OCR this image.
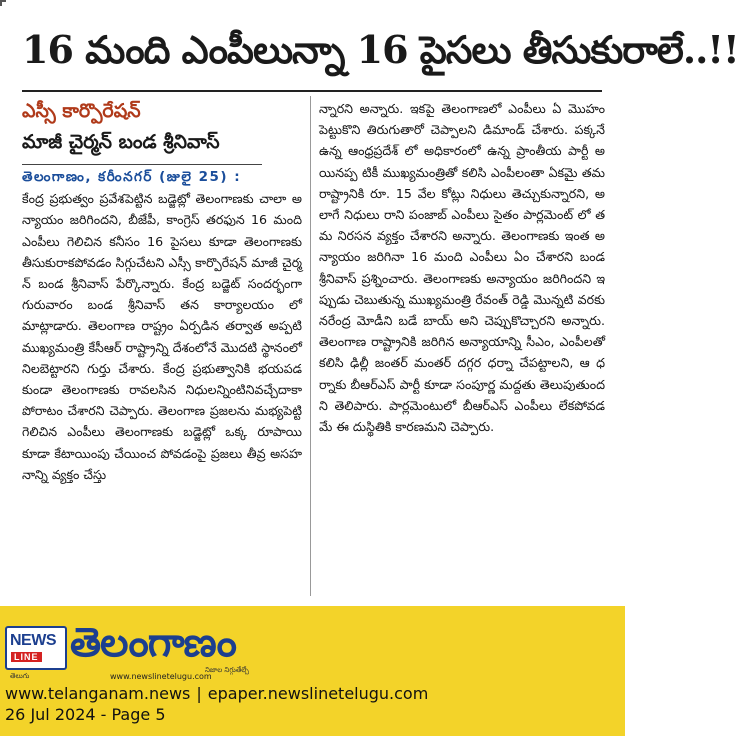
16 మంది ఎంపీలున్నా 16 పైసలు తీసుకురాలే..!!
ఎస్సీ కార్పొరేషన్
మాజీ చైర్మన్ బండ శ్రీనివాస్
తెలంగాణం, కరీంనగర్ (జులై 25) :
కేంద్ర ప్రభుత్వం ప్రవేశపెట్టిన బడ్జెట్లో తెలంగాణకు చాలా అన్యాయం జరిగిందని, బీజేపీ, కాంగ్రెస్ తరఫున 16 మంది ఎంపీలు గెలిచిన కనీసం 16 పైసలు కూడా తెలంగాణకు తీసుకురాకపోవడం సిగ్గుచేటని ఎస్సీ కార్పొరేషన్ మాజీ చైర్మన్ బండ శ్రీనివాస్ పేర్కొన్నారు. కేంద్ర బడ్జెట్ సందర్భంగా గురువారం బండ శ్రీనివాస్ తన కార్యాలయం లో మాట్లాడారు. తెలంగాణ రాష్ట్రం ఏర్పడిన తర్వాత అప్పటి ముఖ్యమంత్రి కేసీఆర్ రాష్ట్రాన్ని దేశంలోనే మొదటి స్థానంలో నిలబెట్టారని గుర్తు చేశారు. కేంద్ర ప్రభుత్వానికి భయపడకుండా తెలంగాణకు రావలసిన నిధులన్నింటినివచ్చేదాకా పోరాటం చేశారని చెప్పారు. తెలంగాణ ప్రజలను మభ్యపెట్టి గెలిచిన ఎంపీలు తెలంగాణకు బడ్జెట్లో ఒక్క రూపాయి కూడా కేటాయింపు చేయించ పోవడంపై ప్రజలు తీవ్ర అసహనాన్ని వ్యక్తం చేస్తు
న్నారని అన్నారు. ఇకపై తెలంగాణలో ఎంపీలు ఏ మొహం పెట్టుకొని తిరుగుతారో చెప్పాలని డిమాండ్ చేశారు. పక్కనే ఉన్న ఆంధ్రప్రదేశ్ లో అధికారంలో ఉన్న ప్రాంతీయ పార్టీ అయినప్ప టికీ ముఖ్యమంత్రితో కలిసి ఎంపీలంతా ఏకమై తమ రాష్ట్రానికి రూ. 15 వేల కోట్లు నిధులు తెచ్చుకున్నారని, అలాగే నిధులు రాని పంజాబ్ ఎంపీలు సైతం పార్లమెంట్ లో తమ నిరసన వ్యక్తం చేశారని అన్నారు. తెలంగాణకు ఇంత అన్యాయం జరిగినా 16 మంది ఎంపీలు ఏం చేశారని బండ శ్రీనివాస్ ప్రశ్నించారు. తెలంగాణకు అన్యాయం జరిగిందని ఇప్పుడు చెబుతున్న ముఖ్యమంత్రి రేవంత్ రెడ్డి మొన్నటి వరకు నరేంద్ర మోడీని బడే బాయ్ అని చెప్పుకొచ్చారని అన్నారు. తెలంగాణ రాష్ట్రానికి జరిగిన అన్యాయాన్ని సీఎం, ఎంపీలతో కలిసి ఢిల్లీ జంతర్ మంతర్ దగ్గర ధర్నా చేపట్టాలని, ఆ ధర్నాకు బీఆర్ఎస్ పార్టీ కూడా సంపూర్ణ మద్దతు తెలుపుతుందని తెలిపారు. పార్లమెంటులో బీఆర్ఎస్ ఎంపీలు లేకపోవడమే ఈ దుస్థితికి కారణమని చెప్పారు.
NEWS
LINE
తెలుగు
తెలంగాణం
నిజాల నిగ్గుతేల్చే
www.newslinetelugu.com
www.telanganam.news | epaper.newslinetelugu.com
26 Jul 2024 - Page 5
